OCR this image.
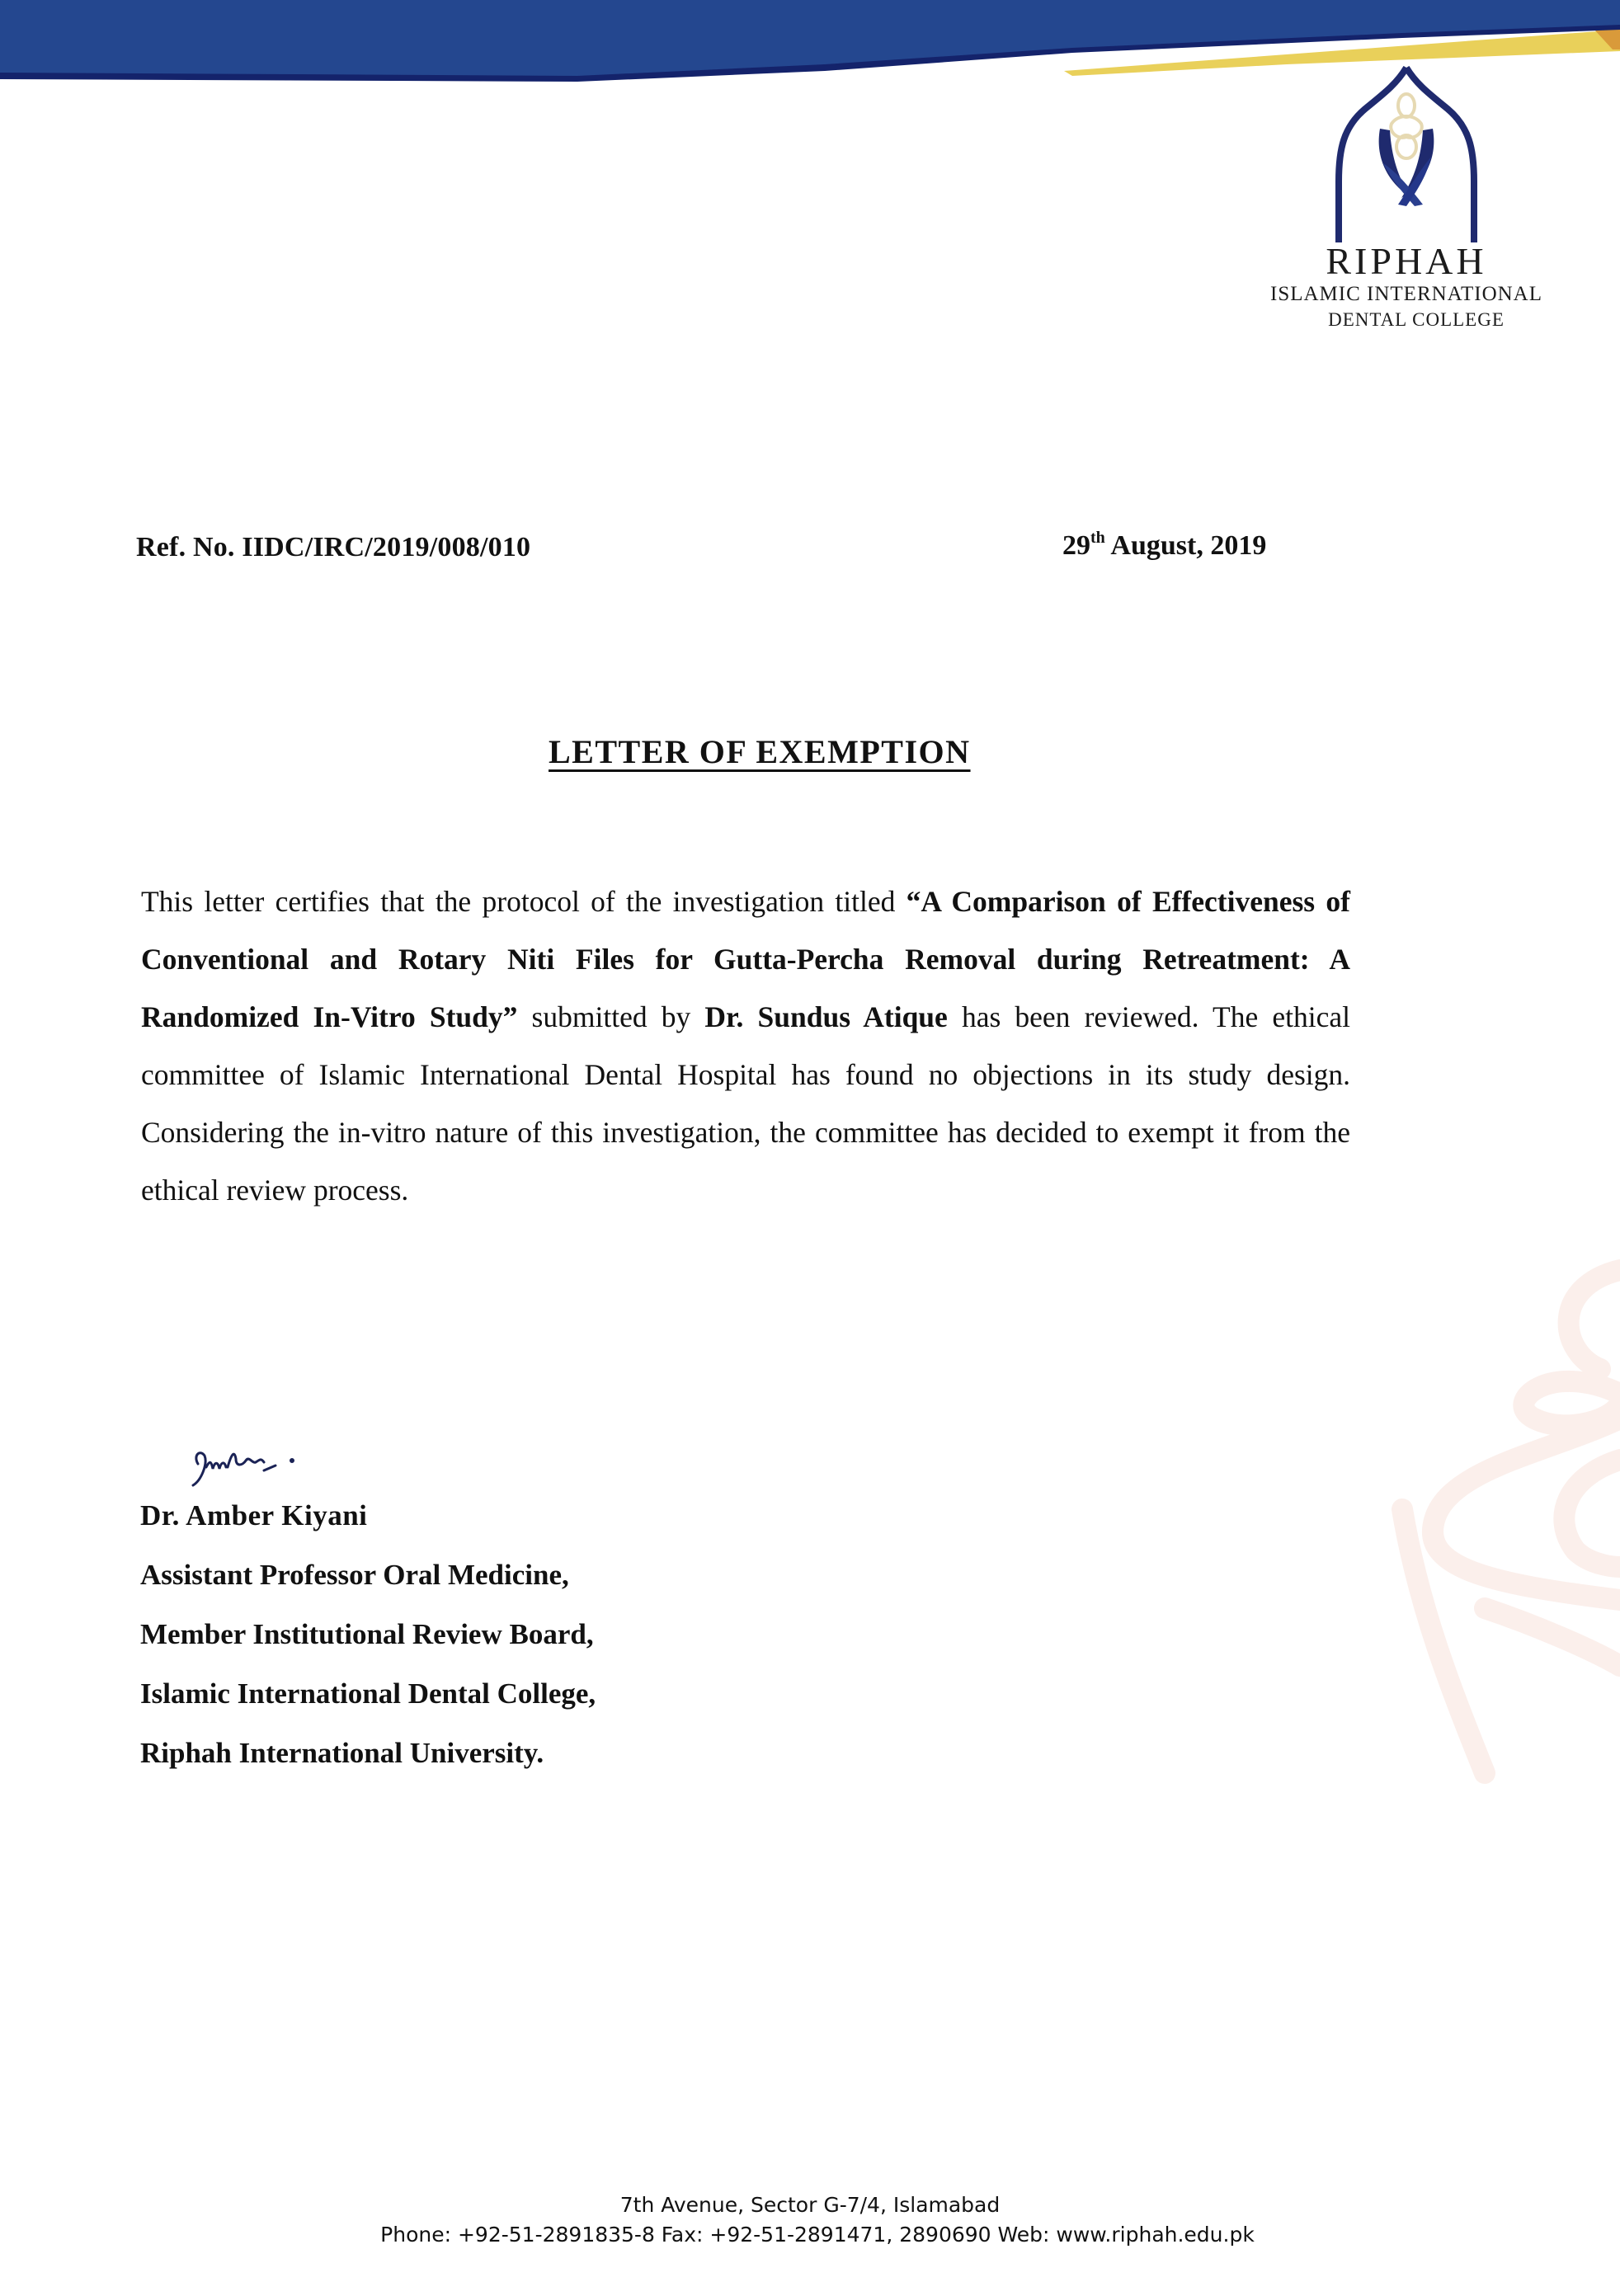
RIPHAH
ISLAMIC INTERNATIONAL
DENTAL COLLEGE
Ref. No. IIDC/IRC/2019/008/010	29th August, 2019
LETTER OF EXEMPTION
This letter certifies that the protocol of the investigation titled “A Comparison of Effectiveness of Conventional and Rotary Niti Files for Gutta-Percha Removal during Retreatment: A Randomized In-Vitro Study” submitted by Dr. Sundus Atique has been reviewed. The ethical committee of Islamic International Dental Hospital has found no objections in its study design. Considering the in-vitro nature of this investigation, the committee has decided to exempt it from the ethical review process.
Dr. Amber Kiyani
Assistant Professor Oral Medicine,
Member Institutional Review Board,
Islamic International Dental College,
Riphah International University.
7th Avenue, Sector G-7/4, Islamabad
Phone: +92-51-2891835-8 Fax: +92-51-2891471, 2890690 Web: www.riphah.edu.pk
